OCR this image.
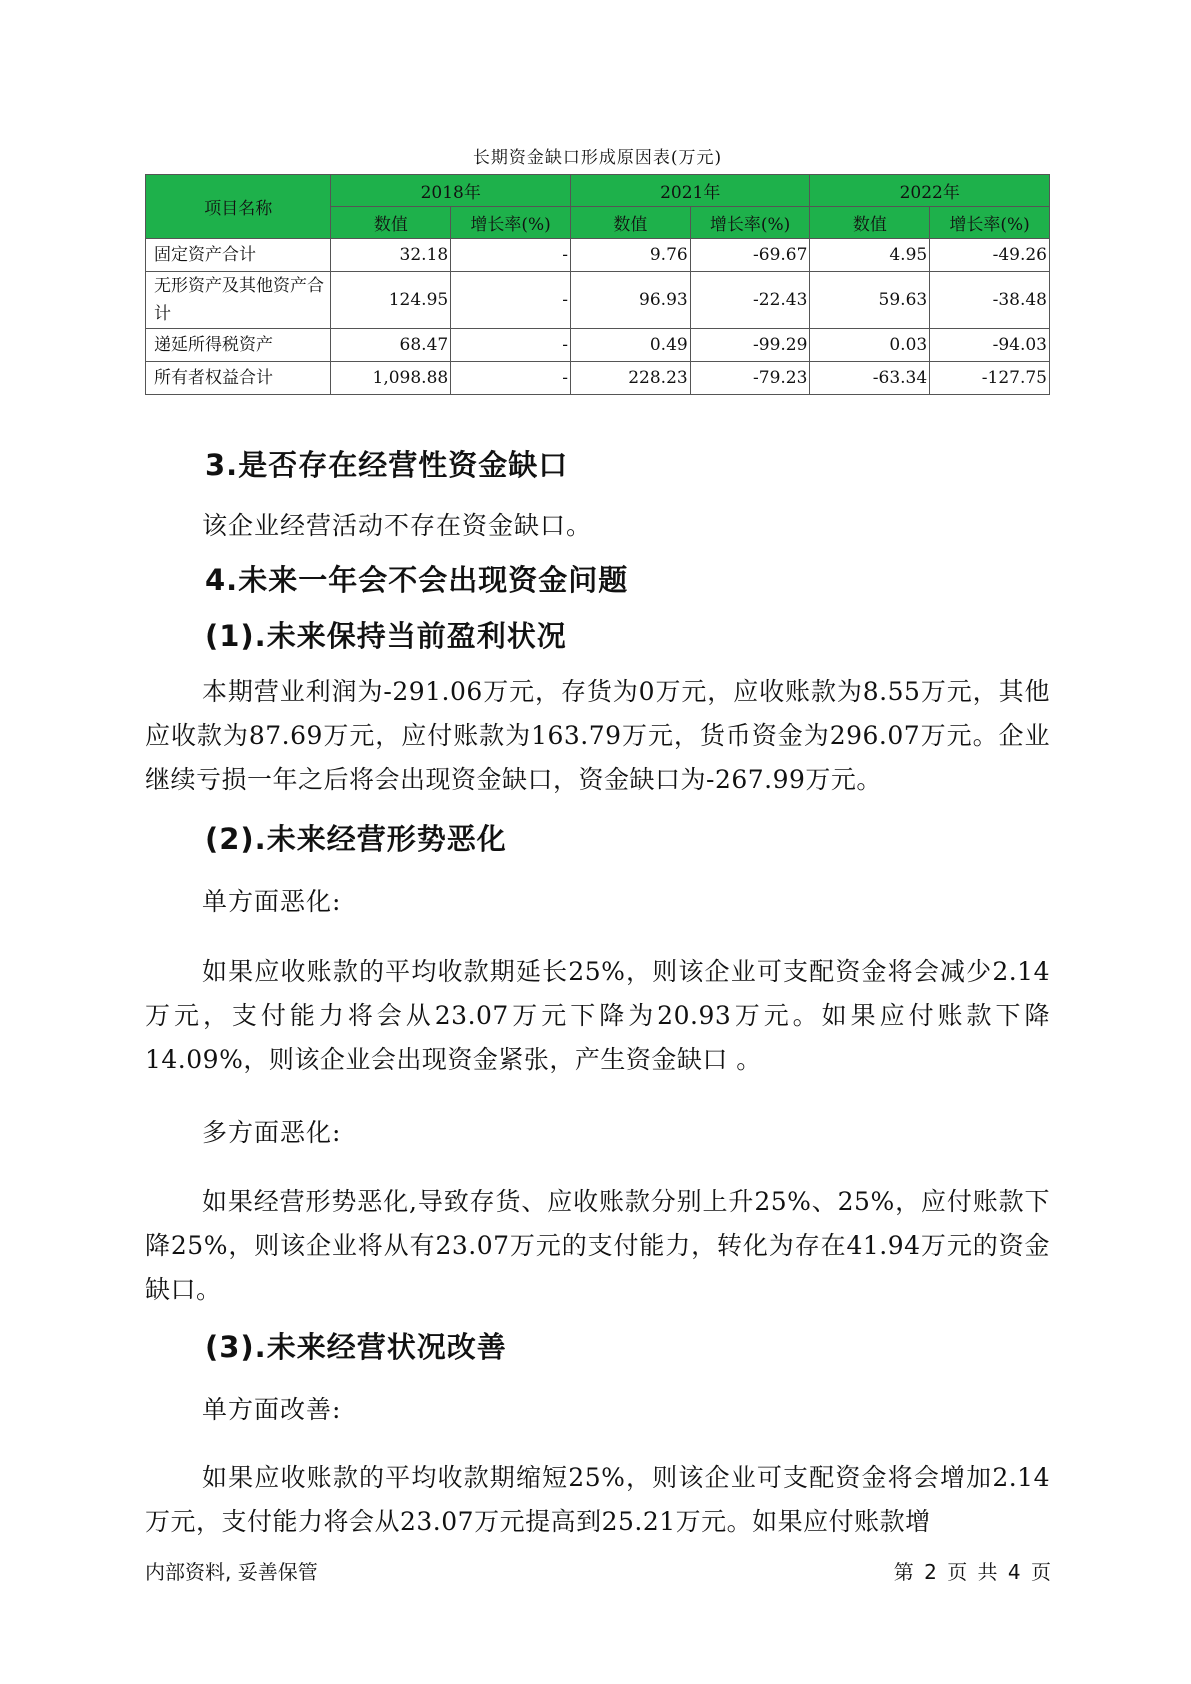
长期资金缺口形成原因表(万元)
项目名称	2018年		2021年		2022年	
	数值	增长率(%)	数值	增长率(%)	数值	增长率(%)
固定资产合计	32.18	-	9.76	-69.67	4.95	-49.26
无形资产及其他资产合计	124.95	-	96.93	-22.43	59.63	-38.48
递延所得税资产	68.47	-	0.49	-99.29	0.03	-94.03
所有者权益合计	1,098.88	-	228.23	-79.23	-63.34	-127.75
3.是否存在经营性资金缺口
该企业经营活动不存在资金缺口。
4.未来一年会不会出现资金问题
(1).未来保持当前盈利状况
本期营业利润为-291.06万元，存货为0万元，应收账款为8.55万元，其他应收款为87.69万元，应付账款为163.79万元，货币资金为296.07万元。企业继续亏损一年之后将会出现资金缺口，资金缺口为-267.99万元。
(2).未来经营形势恶化
单方面恶化:
如果应收账款的平均收款期延长25%，则该企业可支配资金将会减少2.14万元，支付能力将会从23.07万元下降为20.93万元。如果应付账款下降14.09%，则该企业会出现资金紧张，产生资金缺口 。
多方面恶化:
如果经营形势恶化,导致存货、应收账款分别上升25%、25%，应付账款下降25%，则该企业将从有23.07万元的支付能力，转化为存在41.94万元的资金缺口。
(3).未来经营状况改善
单方面改善:
如果应收账款的平均收款期缩短25%，则该企业可支配资金将会增加2.14万元，支付能力将会从23.07万元提高到25.21万元。如果应付账款增
内部资料, 妥善保管	第 2 页 共 4 页
